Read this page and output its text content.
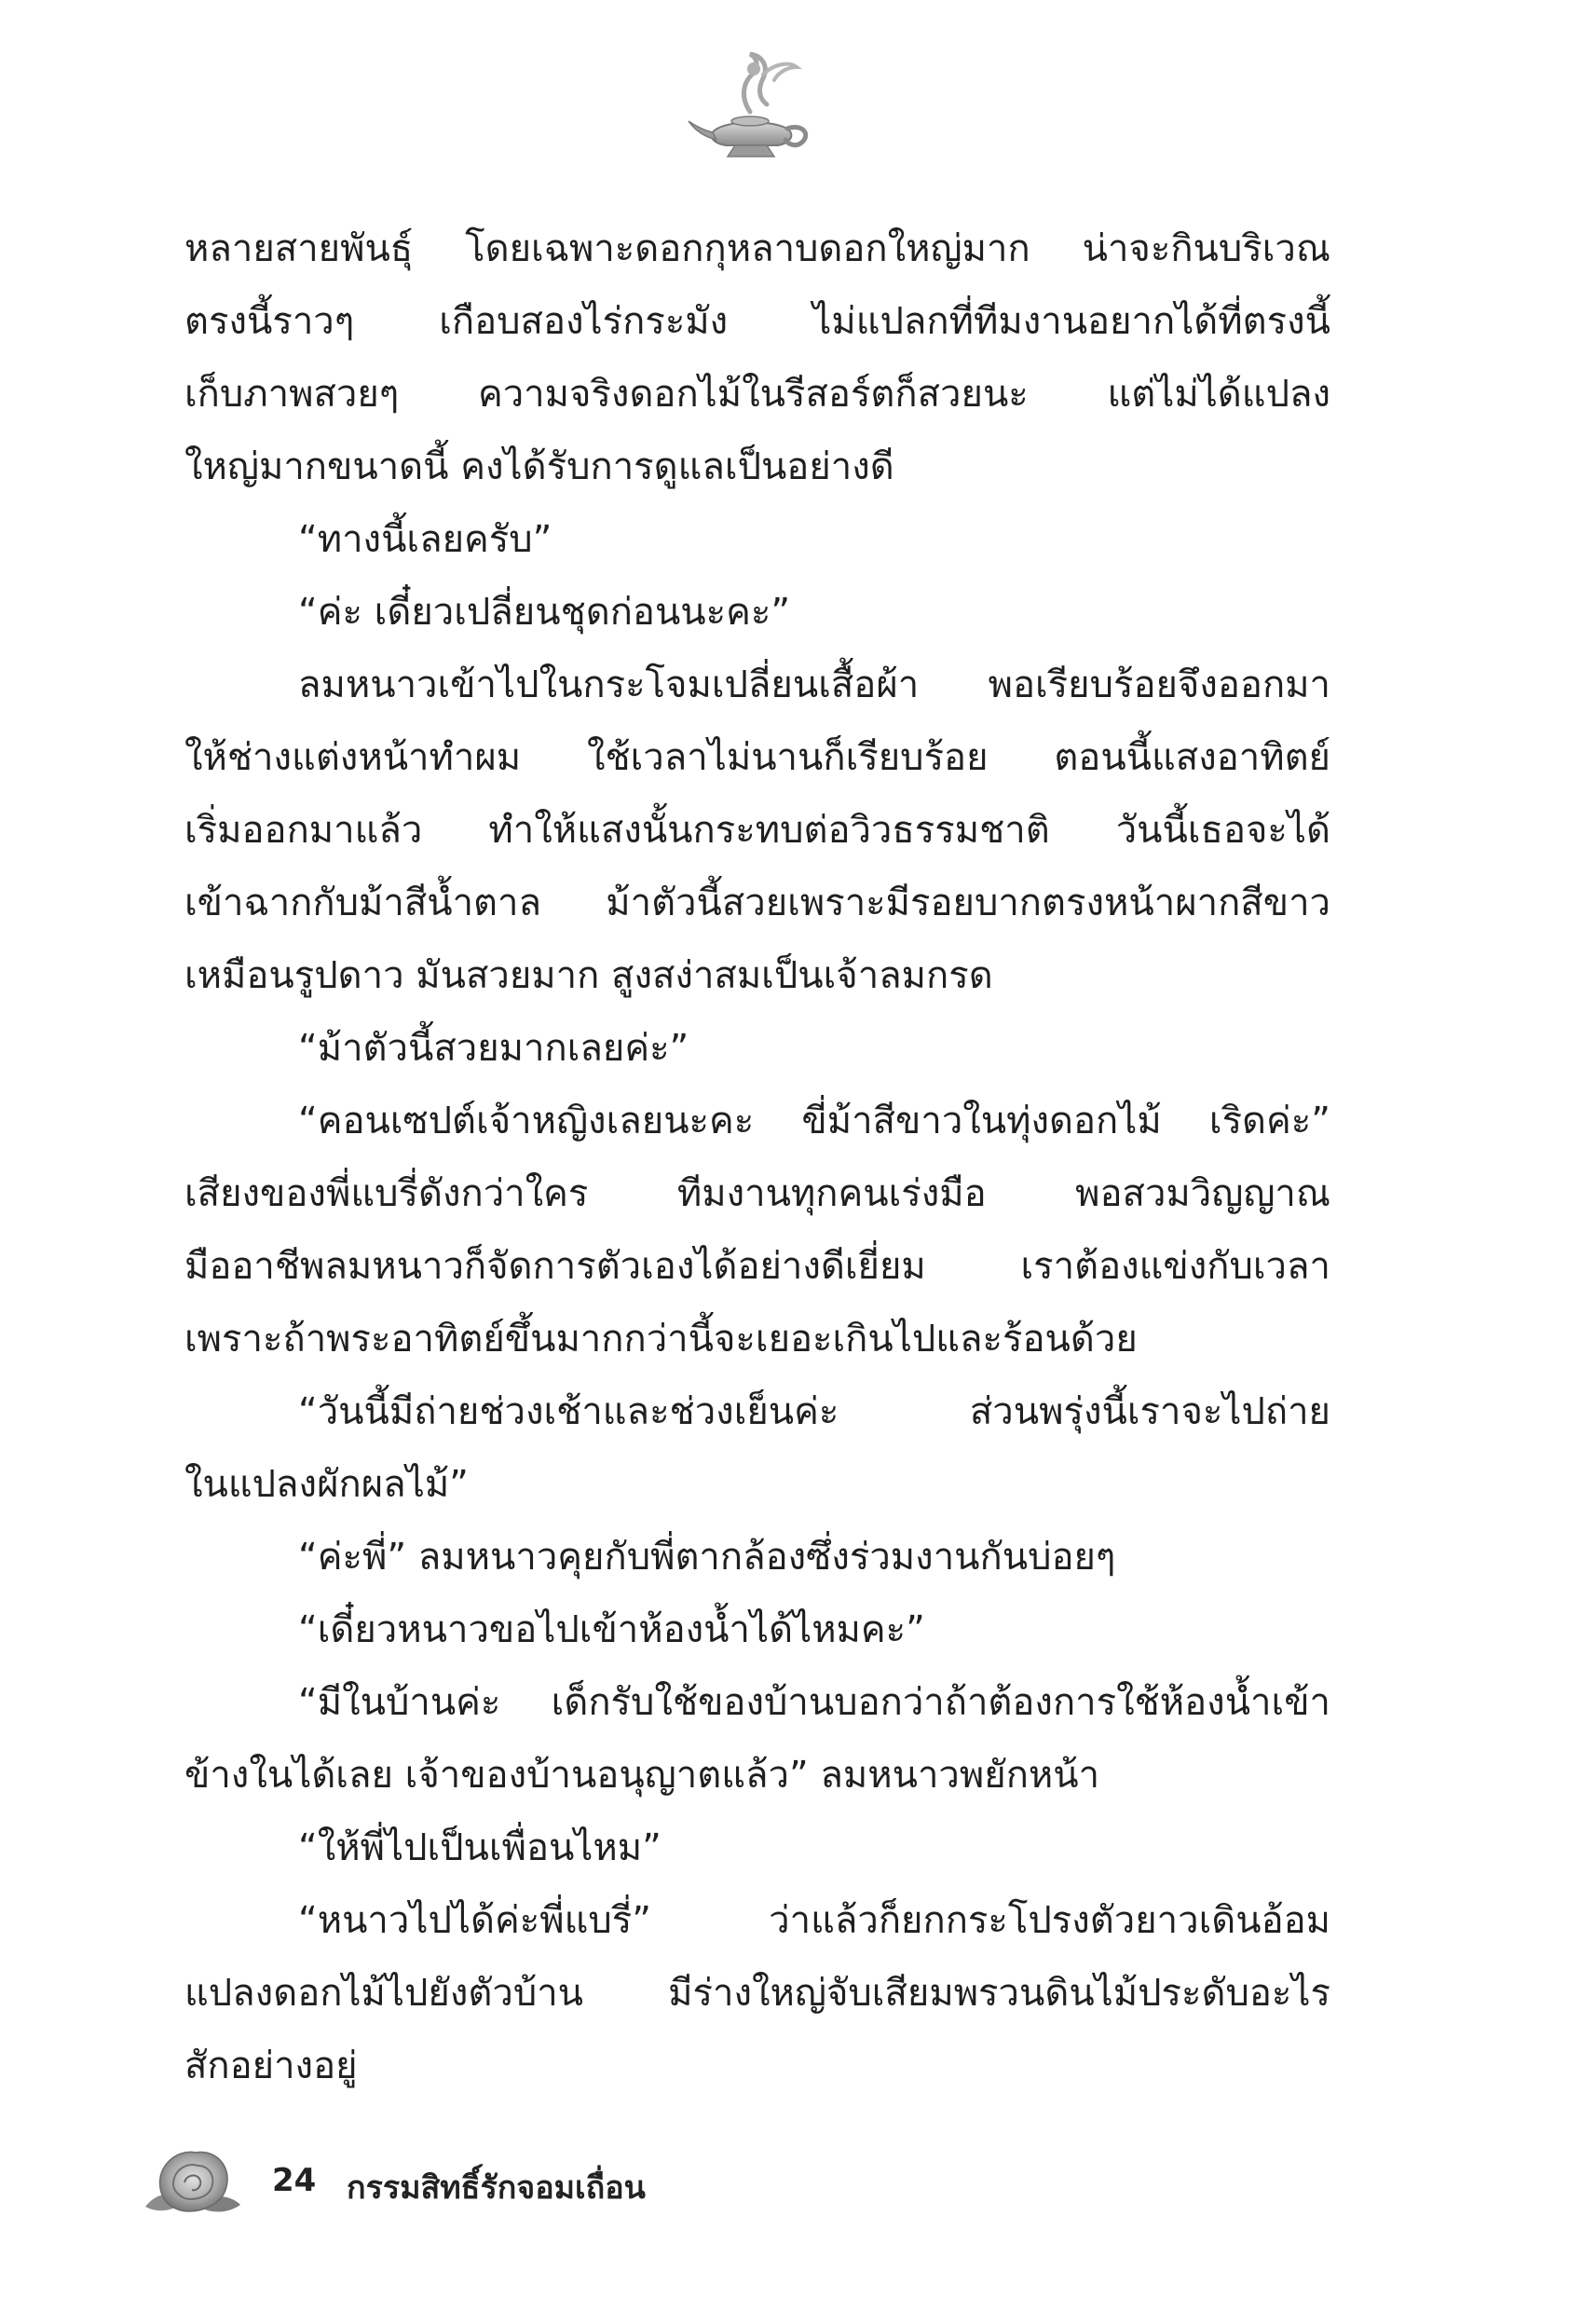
หลายสายพันธุ์ โดยเฉพาะดอกกุหลาบดอกใหญ่มาก น่าจะกินบริเวณ
ตรงนี้ราวๆ เกือบสองไร่กระมัง ไม่แปลกที่ทีมงานอยากได้ที่ตรงนี้
เก็บภาพสวยๆ ความจริงดอกไม้ในรีสอร์ตก็สวยนะ แต่ไม่ได้แปลง
ใหญ่มากขนาดนี้ คงได้รับการดูแลเป็นอย่างดี
“ทางนี้เลยครับ”
“ค่ะ เดี๋ยวเปลี่ยนชุดก่อนนะคะ”
ลมหนาวเข้าไปในกระโจมเปลี่ยนเสื้อผ้า พอเรียบร้อยจึงออกมา
ให้ช่างแต่งหน้าทำผม ใช้เวลาไม่นานก็เรียบร้อย ตอนนี้แสงอาทิตย์
เริ่มออกมาแล้ว ทำให้แสงนั้นกระทบต่อวิวธรรมชาติ วันนี้เธอจะได้
เข้าฉากกับม้าสีน้ำตาล ม้าตัวนี้สวยเพราะมีรอยบากตรงหน้าผากสีขาว
เหมือนรูปดาว มันสวยมาก สูงสง่าสมเป็นเจ้าลมกรด
“ม้าตัวนี้สวยมากเลยค่ะ”
“คอนเซปต์เจ้าหญิงเลยนะคะ ขี่ม้าสีขาวในทุ่งดอกไม้ เริดค่ะ”
เสียงของพี่แบรี่ดังกว่าใคร ทีมงานทุกคนเร่งมือ พอสวมวิญญาณ
มืออาชีพลมหนาวก็จัดการตัวเองได้อย่างดีเยี่ยม เราต้องแข่งกับเวลา
เพราะถ้าพระอาทิตย์ขึ้นมากกว่านี้จะเยอะเกินไปและร้อนด้วย
“วันนี้มีถ่ายช่วงเช้าและช่วงเย็นค่ะ ส่วนพรุ่งนี้เราจะไปถ่าย
ในแปลงผักผลไม้”
“ค่ะพี่” ลมหนาวคุยกับพี่ตากล้องซึ่งร่วมงานกันบ่อยๆ
“เดี๋ยวหนาวขอไปเข้าห้องน้ำได้ไหมคะ”
“มีในบ้านค่ะ เด็กรับใช้ของบ้านบอกว่าถ้าต้องการใช้ห้องน้ำเข้า
ข้างในได้เลย เจ้าของบ้านอนุญาตแล้ว” ลมหนาวพยักหน้า
“ให้พี่ไปเป็นเพื่อนไหม”
“หนาวไปได้ค่ะพี่แบรี่” ว่าแล้วก็ยกกระโปรงตัวยาวเดินอ้อม
แปลงดอกไม้ไปยังตัวบ้าน มีร่างใหญ่จับเสียมพรวนดินไม้ประดับอะไร
สักอย่างอยู่
24 กรรมสิทธิ์รักจอมเถื่อน
